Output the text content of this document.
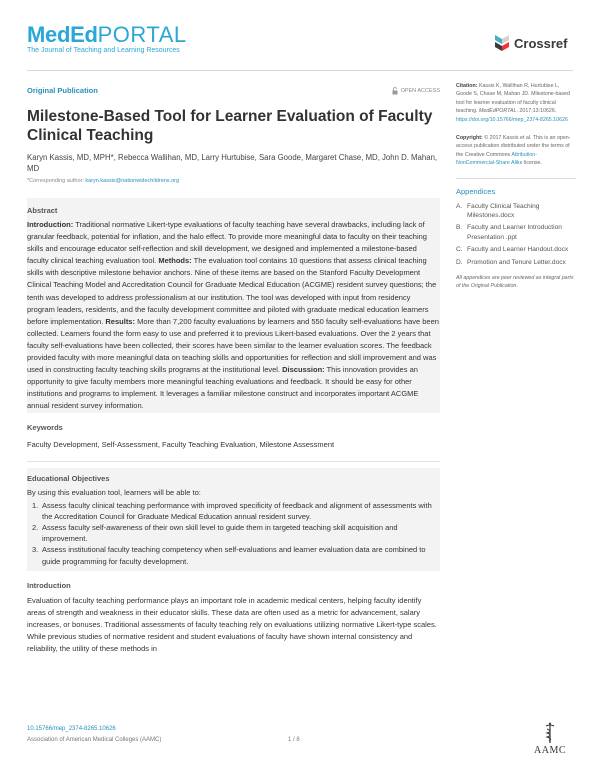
MedEdPORTAL
The Journal of Teaching and Learning Resources	Crossref
Original Publication	OPEN ACCESS
Milestone-Based Tool for Learner Evaluation of Faculty Clinical Teaching
Karyn Kassis, MD, MPH*, Rebecca Wallihan, MD, Larry Hurtubise, Sara Goode, Margaret Chase, MD, John D. Mahan, MD
*Corresponding author: karyn.kassis@nationwidechildrens.org
Abstract
Introduction: Traditional normative Likert-type evaluations of faculty teaching have several drawbacks, including lack of granular feedback, potential for inflation, and the halo effect. To provide more meaningful data to faculty on their teaching skills and encourage educator self-reflection and skill development, we designed and implemented a milestone-based faculty clinical teaching evaluation tool. Methods: The evaluation tool contains 10 questions that assess clinical teaching skills with descriptive milestone behavior anchors. Nine of these items are based on the Stanford Faculty Development Clinical Teaching Model and Accreditation Council for Graduate Medical Education (ACGME) resident survey questions; the tenth was developed to address professionalism at our institution. The tool was developed with input from residency program leaders, residents, and the faculty development committee and piloted with graduate medical education learners before implementation. Results: More than 7,200 faculty evaluations by learners and 550 faculty self-evaluations have been collected. Learners found the form easy to use and preferred it to previous Likert-based evaluations. Over the 2 years that faculty self-evaluations have been collected, their scores have been similar to the learner evaluation scores. The feedback provided faculty with more meaningful data on teaching skills and opportunities for reflection and skill improvement and was used in constructing faculty teaching skills programs at the institutional level. Discussion: This innovation provides an opportunity to give faculty members more meaningful teaching evaluations and feedback. It should be easy for other institutions and programs to implement. It leverages a familiar milestone construct and incorporates important ACGME annual resident survey information.
Keywords
Faculty Development, Self-Assessment, Faculty Teaching Evaluation, Milestone Assessment
Educational Objectives
By using this evaluation tool, learners will be able to:
1. Assess faculty clinical teaching performance with improved specificity of feedback and alignment of assessments with the Accreditation Council for Graduate Medical Education annual resident survey.
2. Assess faculty self-awareness of their own skill level to guide them in targeted teaching skill acquisition and improvement.
3. Assess institutional faculty teaching competency when self-evaluations and learner evaluation data are combined to guide programming for faculty development.
Introduction
Evaluation of faculty teaching performance plays an important role in academic medical centers, helping faculty identify areas of strength and weakness in their educator skills. These data are often used as a metric for advancement, salary increases, or bonuses. Traditional assessments of faculty teaching rely on evaluations utilizing normative Likert-type scales. While previous studies of normative resident and student evaluations of faculty have shown internal consistency and reliability, the utility of these methods in
Citation: Kassis K, Wallihan R, Hurtubise L, Goode S, Chase M, Mahan JD. Milestone-based tool for learner evaluation of faculty clinical teaching. MedEdPORTAL. 2017;13:10626. https://doi.org/10.15766/mep_2374-8265.10626
Copyright: © 2017 Kassis et al. This is an open-access publication distributed under the terms of the Creative Commons Attribution-NonCommercial-Share Alike license.
Appendices
A. Faculty Clinical Teaching Milestones.docx
B. Faculty and Learner Introduction Presentation .ppt
C. Faculty and Learner Handout.docx
D. Promotion and Tenure Letter.docx
All appendices are peer reviewed as integral parts of the Original Publication.
10.15766/mep_2374-8265.10626
Association of American Medical Colleges (AAMC)	1 / 8
AAMC
